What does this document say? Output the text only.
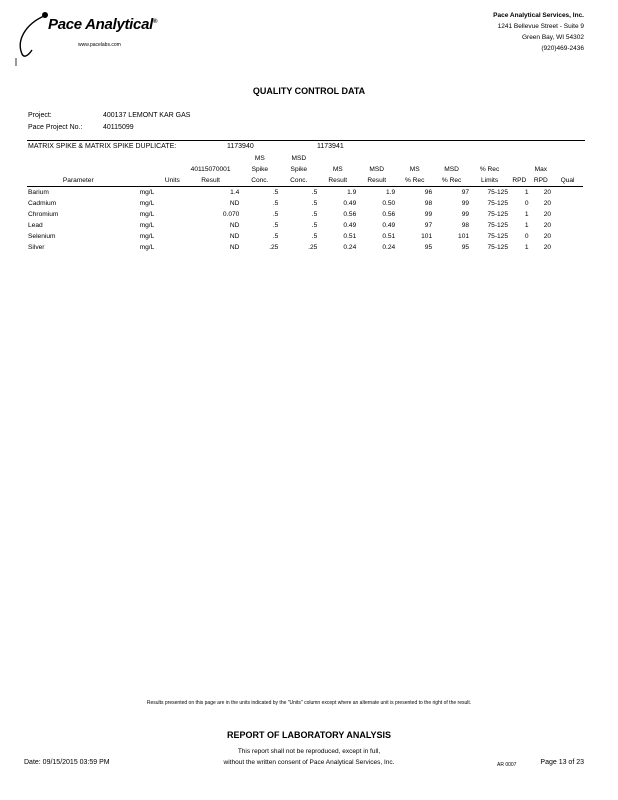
Pace Analytical®
www.pacelabs.com
Pace Analytical Services, Inc.
1241 Bellevue Street - Suite 9
Green Bay, WI 54302
(920)469-2436
QUALITY CONTROL DATA
Project:	400137 LEMONT KAR GAS
Pace Project No.:	40115099
MATRIX SPIKE & MATRIX SPIKE DUPLICATE:	1173940	1173941
			MS	MSD								
		40115070001	Spike	Spike	MS	MSD	MS	MSD	% Rec		Max	
Parameter	Units	Result	Conc.	Conc.	Result	Result	% Rec	% Rec	Limits	RPD	RPD	Qual
Barium	mg/L	1.4	.5	.5	1.9	1.9	96	97	75-125	1	20	
Cadmium	mg/L	ND	.5	.5	0.49	0.50	98	99	75-125	0	20	
Chromium	mg/L	0.070	.5	.5	0.56	0.56	99	99	75-125	1	20	
Lead	mg/L	ND	.5	.5	0.49	0.49	97	98	75-125	1	20	
Selenium	mg/L	ND	.5	.5	0.51	0.51	101	101	75-125	0	20	
Silver	mg/L	ND	.25	.25	0.24	0.24	95	95	75-125	1	20	
Results presented on this page are in the units indicated by the "Units" column except where an alternate unit is presented to the right of the result.
REPORT OF LABORATORY ANALYSIS
This report shall not be reproduced, except in full,
without the written consent of Pace Analytical Services, Inc.
Date: 09/15/2015 03:59 PM	AR 0007	Page 13 of 23
